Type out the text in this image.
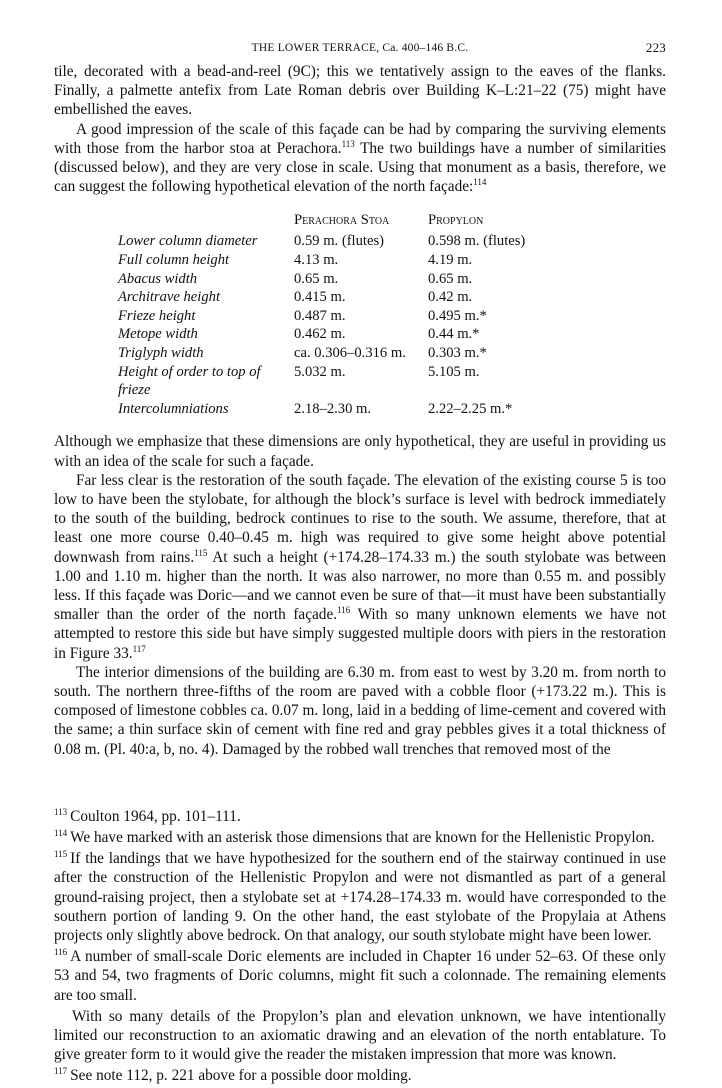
THE LOWER TERRACE, Ca. 400–146 B.C.	223

tile, decorated with a bead-and-reel (9C); this we tentatively assign to the eaves of the flanks. Finally, a palmette antefix from Late Roman debris over Building K–L:21–22 (75) might have embellished the eaves.

A good impression of the scale of this façade can be had by comparing the surviving elements with those from the harbor stoa at Perachora.$^{113}$ The two buildings have a number of similarities (discussed below), and they are very close in scale. Using that monument as a basis, therefore, we can suggest the following hypothetical elevation of the north façade:$^{114}$

	Peracнora Stoa	Propylon
Lower column diameter	0.59 m. (flutes)	0.598 m. (flutes)
Full column height	4.13 m.	4.19 m.
Abacus width	0.65 m.	0.65 m.
Architrave height	0.415 m.	0.42 m.
Frieze height	0.487 m.	0.495 m.*
Metope width	0.462 m.	0.44 m.*
Triglyph width	ca. 0.306–0.316 m.	0.303 m.*
Height of order to top of frieze	5.032 m.	5.105 m.
Intercolumniations	2.18–2.30 m.	2.22–2.25 m.*

Although we emphasize that these dimensions are only hypothetical, they are useful in providing us with an idea of the scale for such a façade.

Far less clear is the restoration of the south façade. The elevation of the existing course 5 is too low to have been the stylobate, for although the block’s surface is level with bedrock immediately to the south of the building, bedrock continues to rise to the south. We assume, therefore, that at least one more course 0.40–0.45 m. high was required to give some height above potential downwash from rains.$^{115}$ At such a height (+174.28–174.33 m.) the south stylobate was between 1.00 and 1.10 m. higher than the north. It was also narrower, no more than 0.55 m. and possibly less. If this façade was Doric—and we cannot even be sure of that—it must have been substantially smaller than the order of the north façade.$^{116}$ With so many unknown elements we have not attempted to restore this side but have simply suggested multiple doors with piers in the restoration in Figure 33.$^{117}$

The interior dimensions of the building are 6.30 m. from east to west by 3.20 m. from north to south. The northern three-fifths of the room are paved with a cobble floor (+173.22 m.). This is composed of limestone cobbles ca. 0.07 m. long, laid in a bedding of lime-cement and covered with the same; a thin surface skin of cement with fine red and gray pebbles gives it a total thickness of 0.08 m. (Pl. 40:a, b, no. 4). Damaged by the robbed wall trenches that removed most of the

$^{113}$ Coulton 1964, pp. 101–111.

$^{114}$ We have marked with an asterisk those dimensions that are known for the Hellenistic Propylon.

$^{115}$ If the landings that we have hypothesized for the southern end of the stairway continued in use after the construction of the Hellenistic Propylon and were not dismantled as part of a general ground-raising project, then a stylobate set at +174.28–174.33 m. would have corresponded to the southern portion of landing 9. On the other hand, the east stylobate of the Propylaia at Athens projects only slightly above bedrock. On that analogy, our south stylobate might have been lower.

$^{116}$ A number of small-scale Doric elements are included in Chapter 16 under 52–63. Of these only 53 and 54, two fragments of Doric columns, might fit such a colonnade. The remaining elements are too small.

With so many details of the Propylon’s plan and elevation unknown, we have intentionally limited our reconstruction to an axiomatic drawing and an elevation of the north entablature. To give greater form to it would give the reader the mistaken impression that more was known.

$^{117}$ See note 112, p. 221 above for a possible door molding.
